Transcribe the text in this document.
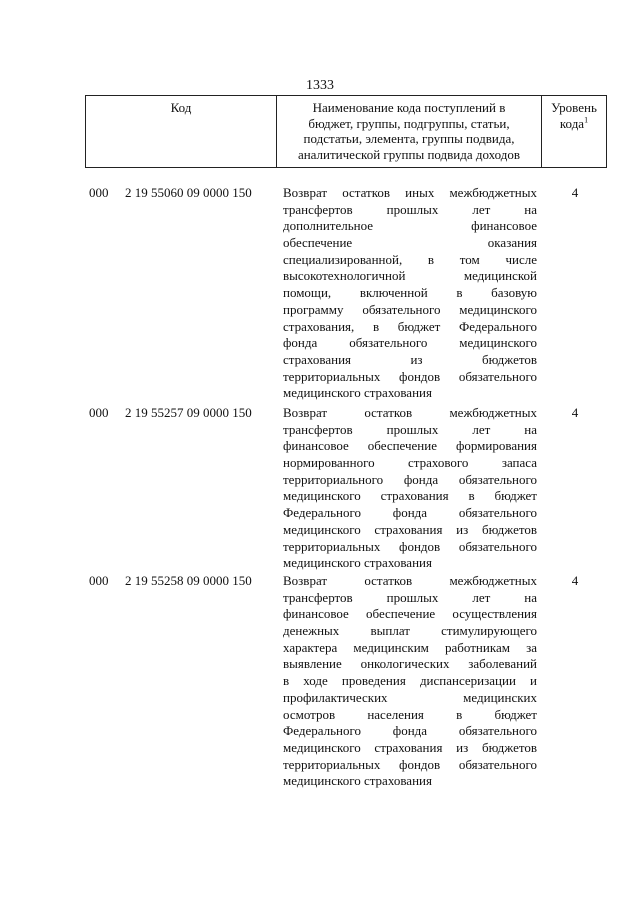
1333
Код	Наименование кода поступлений в
бюджет, группы, подгруппы, статьи,
подстатьи, элемента, группы подвида,
аналитической группы подвида доходов
Уровень
кода$^1$
000 2 19 55060 09 0000 150 Возврат остатков иных межбюджетных
трансфертов прошлых лет на
дополнительное финансовое
обеспечение оказания
специализированной, в том числе
высокотехнологичной медицинской
помощи, включенной в базовую
программу обязательного медицинского
страхования, в бюджет Федерального
фонда обязательного медицинского
страхования из бюджетов
территориальных фондов обязательного
медицинского страхования
4
000 2 19 55257 09 0000 150 Возврат остатков межбюджетных
трансфертов прошлых лет на
финансовое обеспечение формирования
нормированного страхового запаса
территориального фонда обязательного
медицинского страхования в бюджет
Федерального фонда обязательного
медицинского страхования из бюджетов
территориальных фондов обязательного
медицинского страхования
4
000 2 19 55258 09 0000 150 Возврат остатков межбюджетных
трансфертов прошлых лет на
финансовое обеспечение осуществления
денежных выплат стимулирующего
характера медицинским работникам за
выявление онкологических заболеваний
в ходе проведения диспансеризации и
профилактических медицинских
осмотров населения в бюджет
Федерального фонда обязательного
медицинского страхования из бюджетов
территориальных фондов обязательного
медицинского страхования
4
